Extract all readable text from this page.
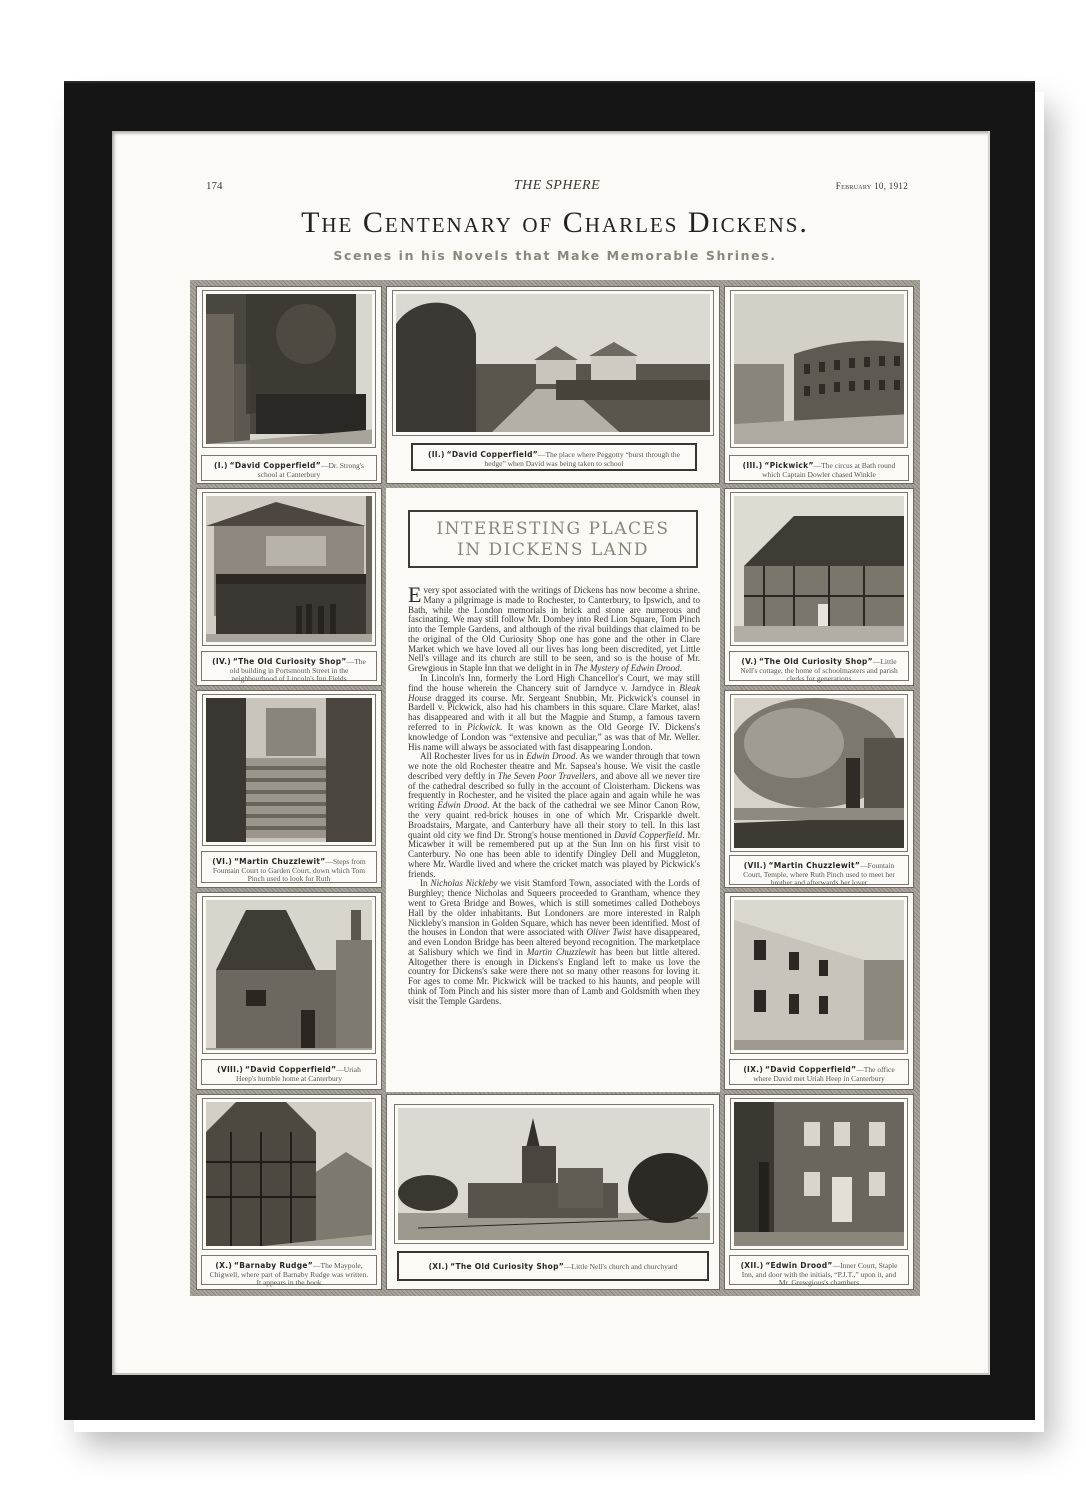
174	THE SPHERE	February 10, 1912
The Centenary of Charles Dickens.
Scenes in his Novels that Make Memorable Shrines.
(I.) “David Copperfield”—Dr. Strong's school at Canterbury
(II.) “David Copperfield”—The place where Peggotty “burst through the hedge” when David was being taken to school	(III.) “Pickwick”—The circus at Bath round which Captain Dowler chased Winkle
(IV.) “The Old Curiosity Shop”—The old building in Portsmouth Street in the neighbourhood of Lincoln's Inn Fields
(V.) “The Old Curiosity Shop”—Little Nell's cottage, the home of schoolmasters and parish clerks for generations
(VI.) “Martin Chuzzlewit”—Steps from Fountain Court to Garden Court, down which Tom Pinch used to look for Ruth
(VII.) “Martin Chuzzlewit”—Fountain Court, Temple, where Ruth Pinch used to meet her brother and afterwards her lover
(VIII.) “David Copperfield”—Uriah Heep's humble home at Canterbury
(IX.) “David Copperfield”—The office where David met Uriah Heep in Canterbury
(X.) “Barnaby Rudge”—The Maypole, Chigwell, where part of Barnaby Rudge was written. It appears in the book
(XI.) “The Old Curiosity Shop”—Little Nell's church and churchyard	(XII.) “Edwin Drood”—Inner Court, Staple Inn, and door with the initials, “P.J.T.,” upon it, and Mr. Grewgious's chambers
INTERESTING PLACES
IN DICKENS LAND

Every spot associated with the writings of Dickens has now become a shrine. Many a pilgrimage is made to Rochester, to Canterbury, to Ipswich, and to Bath, while the London memorials in brick and stone are numerous and fascinating. We may still follow Mr. Dombey into Red Lion Square, Tom Pinch into the Temple Gardens, and although of the rival buildings that claimed to be the original of the Old Curiosity Shop one has gone and the other in Clare Market which we have loved all our lives has long been discredited, yet Little Nell's village and its church are still to be seen, and so is the house of Mr. Grewgious in Staple Inn that we delight in in The Mystery of Edwin Drood.

In Lincoln's Inn, formerly the Lord High Chancellor's Court, we may still find the house wherein the Chancery suit of Jarndyce v. Jarndyce in Bleak House dragged its course. Mr. Sergeant Snubbin, Mr. Pickwick's counsel in Bardell v. Pickwick, also had his chambers in this square. Clare Market, alas! has disappeared and with it all but the Magpie and Stump, a famous tavern referred to in Pickwick. It was known as the Old George IV. Dickens's knowledge of London was “extensive and peculiar,” as was that of Mr. Weller. His name will always be associated with fast disappearing London.

All Rochester lives for us in Edwin Drood. As we wander through that town we note the old Rochester theatre and Mr. Sapsea's house. We visit the castle described very deftly in The Seven Poor Travellers, and above all we never tire of the cathedral described so fully in the account of Cloisterham. Dickens was frequently in Rochester, and he visited the place again and again while he was writing Edwin Drood. At the back of the cathedral we see Minor Canon Row, the very quaint red-brick houses in one of which Mr. Crisparkle dwelt. Broadstairs, Margate, and Canterbury have all their story to tell. In this last quaint old city we find Dr. Strong's house mentioned in David Copperfield. Mr. Micawber it will be remembered put up at the Sun Inn on his first visit to Canterbury. No one has been able to identify Dingley Dell and Muggleton, where Mr. Wardle lived and where the cricket match was played by Pickwick's friends.

In Nicholas Nickleby we visit Stamford Town, associated with the Lords of Burghley; thence Nicholas and Squeers proceeded to Grantham, whence they went to Greta Bridge and Bowes, which is still sometimes called Dotheboys Hall by the older inhabitants. But Londoners are more interested in Ralph Nickleby's mansion in Golden Square, which has never been identified. Most of the houses in London that were associated with Oliver Twist have disappeared, and even London Bridge has been altered beyond recognition. The marketplace at Salisbury which we find in Martin Chuzzlewit has been but little altered. Altogether there is enough in Dickens's England left to make us love the country for Dickens's sake were there not so many other reasons for loving it. For ages to come Mr. Pickwick will be tracked to his haunts, and people will think of Tom Pinch and his sister more than of Lamb and Goldsmith when they visit the Temple Gardens.
